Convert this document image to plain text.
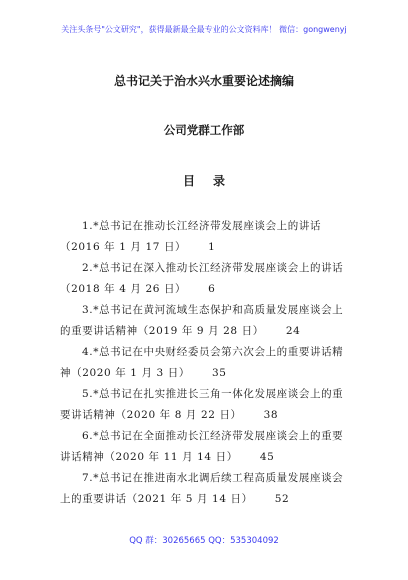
关注头条号"公文研究"，获得最新最全最专业的公文资料库！ 微信：gongwenyj
总书记关于治水兴水重要论述摘编
公司党群工作部
目录
1.*总书记在推动长江经济带发展座谈会上的讲话
（2016 年 1 月 17 日） 1
2.*总书记在深入推动长江经济带发展座谈会上的讲话
（2018 年 4 月 26 日） 6
3.*总书记在黄河流域生态保护和高质量发展座谈会上
的重要讲话精神（2019 年 9 月 28 日） 24
4.*总书记在中央财经委员会第六次会上的重要讲话精
神（2020 年 1 月 3 日） 35
5.*总书记在扎实推进长三角一体化发展座谈会上的重
要讲话精神（2020 年 8 月 22 日） 38
6.*总书记在全面推动长江经济带发展座谈会上的重要
讲话精神（2020 年 11 月 14 日） 45
7.*总书记在推进南水北调后续工程高质量发展座谈会
上的重要讲话（2021 年 5 月 14 日） 52
QQ 群：30265665 QQ：535304092
